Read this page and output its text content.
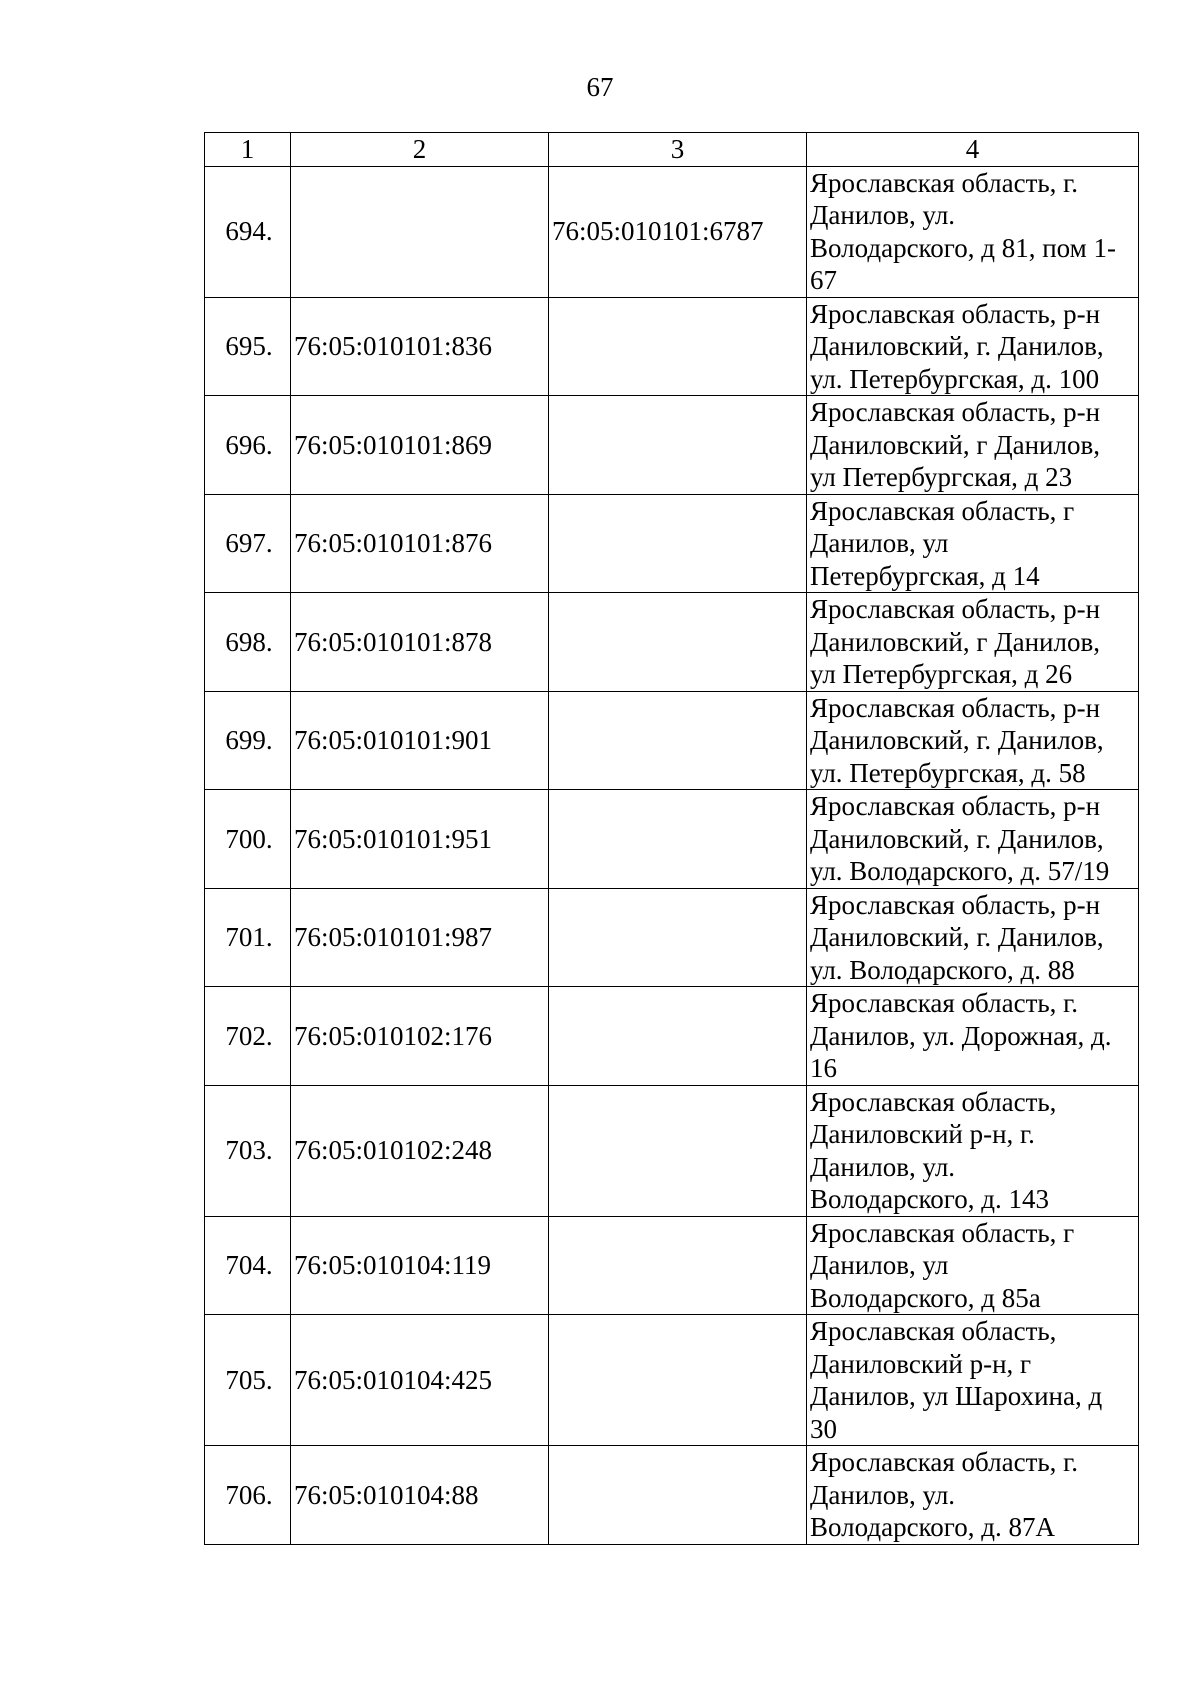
67
1	2	3	4
694.		76:05:010101:6787	Ярославская область, г.
Данилов, ул.
Володарского, д 81, пом 1-
67
695.	76:05:010101:836		Ярославская область, р-н
Даниловский, г. Данилов,
ул. Петербургская, д. 100
696.	76:05:010101:869		Ярославская область, р-н
Даниловский, г Данилов,
ул Петербургская, д 23
697.	76:05:010101:876		Ярославская область, г
Данилов, ул
Петербургская, д 14
698.	76:05:010101:878		Ярославская область, р-н
Даниловский, г Данилов,
ул Петербургская, д 26
699.	76:05:010101:901		Ярославская область, р-н
Даниловский, г. Данилов,
ул. Петербургская, д. 58
700.	76:05:010101:951		Ярославская область, р-н
Даниловский, г. Данилов,
ул. Володарского, д. 57/19
701.	76:05:010101:987		Ярославская область, р-н
Даниловский, г. Данилов,
ул. Володарского, д. 88
702.	76:05:010102:176		Ярославская область, г.
Данилов, ул. Дорожная, д.
16
703.	76:05:010102:248		Ярославская область,
Даниловский р-н, г.
Данилов, ул.
Володарского, д. 143
704.	76:05:010104:119		Ярославская область, г
Данилов, ул
Володарского, д 85а
705.	76:05:010104:425		Ярославская область,
Даниловский р-н, г
Данилов, ул Шарохина, д
30
706.	76:05:010104:88		Ярославская область, г.
Данилов, ул.
Володарского, д. 87А
